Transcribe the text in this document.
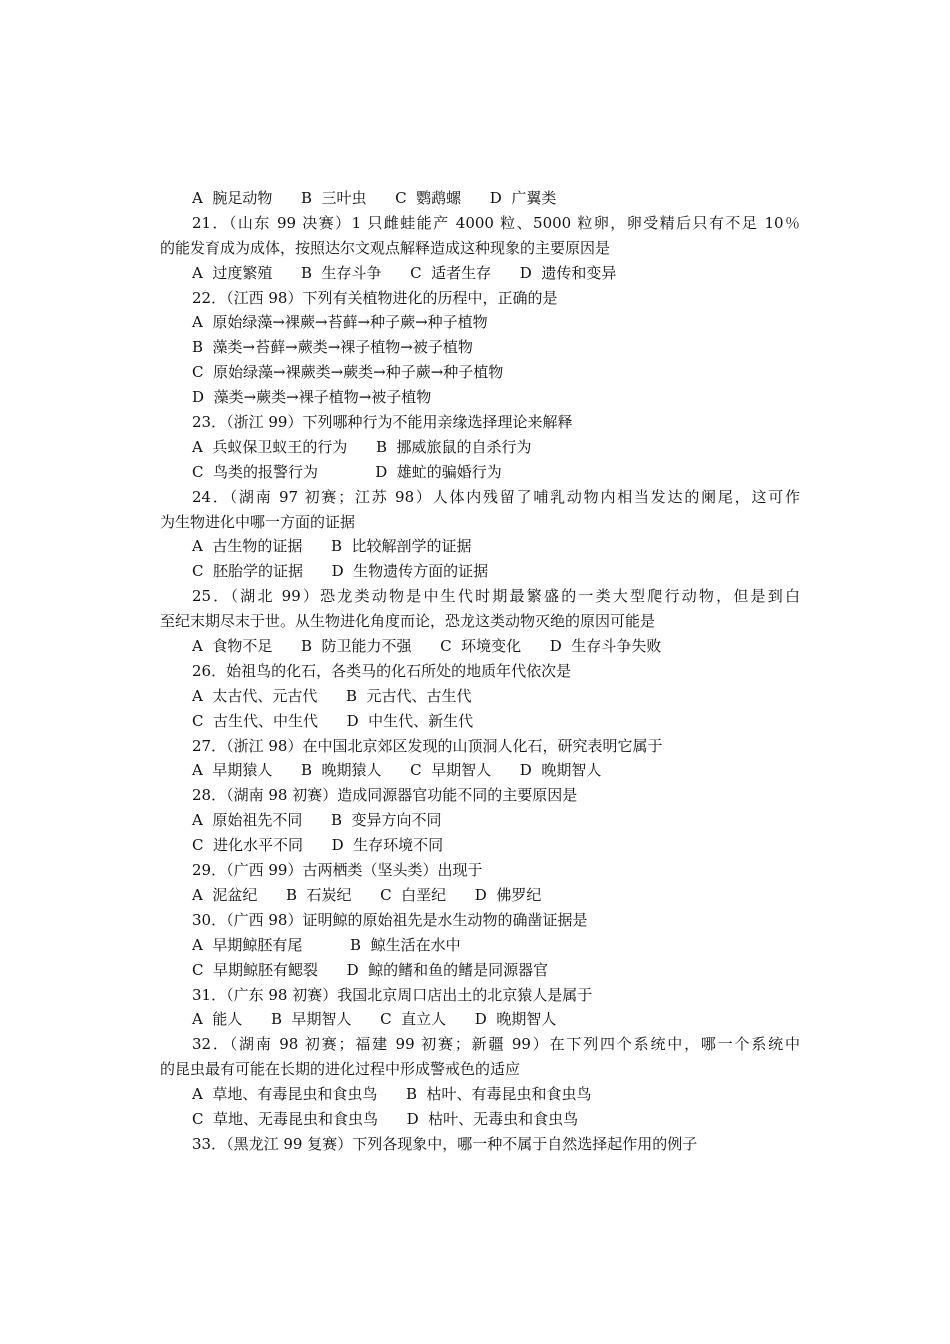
A  腕足动物      B  三叶虫      C  鹦鹉螺      D  广翼类
21．（山东 99 决赛）1 只雌蛙能产 4000 粒、5000 粒卵，卵受精后只有不足 10％
的能发育成为成体，按照达尔文观点解释造成这种现象的主要原因是
A  过度繁殖      B  生存斗争      C  适者生存      D  遗传和变异
22．（江西 98）下列有关植物进化的历程中，正确的是
A  原始绿藻→裸蕨→苔藓→种子蕨→种子植物
B  藻类→苔藓→蕨类→裸子植物→被子植物
C  原始绿藻→裸蕨类→蕨类→种子蕨→种子植物
D  藻类→蕨类→裸子植物→被子植物
23．（浙江 99）下列哪种行为不能用亲缘选择理论来解释
A  兵蚁保卫蚁王的行为      B  挪威旅鼠的自杀行为
C  鸟类的报警行为            D  雄虻的骗婚行为
24．（湖南 97 初赛；江苏 98）人体内残留了哺乳动物内相当发达的阑尾，这可作
为生物进化中哪一方面的证据
A  古生物的证据      B  比较解剖学的证据
C  胚胎学的证据      D  生物遗传方面的证据
25．（湖北 99）恐龙类动物是中生代时期最繁盛的一类大型爬行动物，但是到白
至纪末期尽末于世。从生物进化角度而论，恐龙这类动物灭绝的原因可能是
A  食物不足      B  防卫能力不强      C  环境变化      D  生存斗争失败
26．始祖鸟的化石，各类马的化石所处的地质年代依次是
A  太古代、元古代      B  元古代、古生代
C  古生代、中生代      D  中生代、新生代
27．（浙江 98）在中国北京郊区发现的山顶洞人化石，研究表明它属于
A  早期猿人      B  晚期猿人      C  早期智人      D  晚期智人
28．（湖南 98 初赛）造成同源器官功能不同的主要原因是
A  原始祖先不同      B  变异方向不同
C  进化水平不同      D  生存环境不同
29．（广西 99）古两栖类（坚头类）出现于
A  泥盆纪      B  石炭纪      C  白垩纪      D  佛罗纪
30．（广西 98）证明鲸的原始祖先是水生动物的确凿证据是
A  早期鲸胚有尾          B  鲸生活在水中
C  早期鲸胚有鳃裂      D  鲸的鳍和鱼的鳍是同源器官
31．（广东 98 初赛）我国北京周口店出土的北京猿人是属于
A  能人      B  早期智人      C  直立人      D  晚期智人
32．（湖南 98 初赛；福建 99 初赛；新疆 99）在下列四个系统中，哪一个系统中
的昆虫最有可能在长期的进化过程中形成警戒色的适应
A  草地、有毒昆虫和食虫鸟      B  枯叶、有毒昆虫和食虫鸟
C  草地、无毒昆虫和食虫鸟      D  枯叶、无毒虫和食虫鸟
33．（黑龙江 99 复赛）下列各现象中，哪一种不属于自然选择起作用的例子
